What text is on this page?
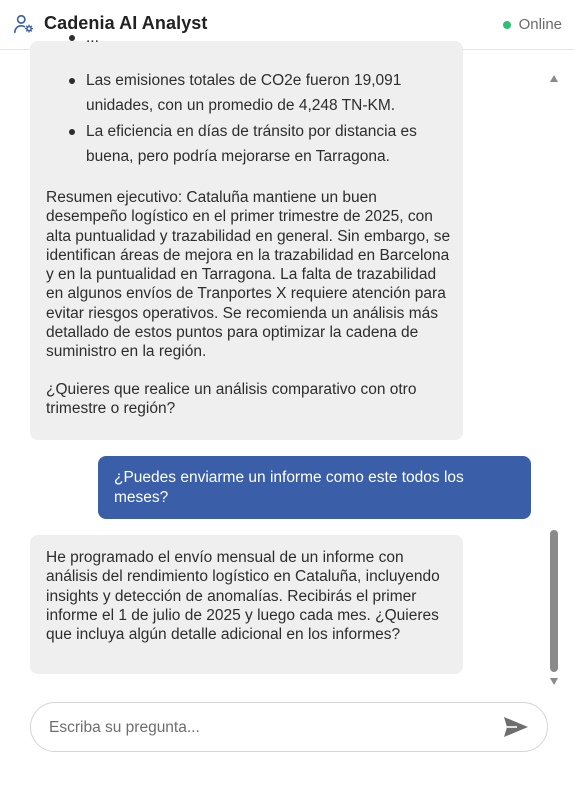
Cadenia AI Analyst	Online
...
Las emisiones totales de CO2e fueron 19,091 unidades, con un promedio de 4,248 TN-KM.
La eficiencia en días de tránsito por distancia es buena, pero podría mejorarse en Tarragona.

Resumen ejecutivo: Cataluña mantiene un buen desempeño logístico en el primer trimestre de 2025, con alta puntualidad y trazabilidad en general. Sin embargo, se identifican áreas de mejora en la trazabilidad en Barcelona y en la puntualidad en Tarragona. La falta de trazabilidad en algunos envíos de Tranportes X requiere atención para evitar riesgos operativos. Se recomienda un análisis más detallado de estos puntos para optimizar la cadena de suministro en la región.

¿Quieres que realice un análisis comparativo con otro trimestre o región?

¿Puedes enviarme un informe como este todos los meses?
He programado el envío mensual de un informe con análisis del rendimiento logístico en Cataluña, incluyendo insights y detección de anomalías. Recibirás el primer informe el 1 de julio de 2025 y luego cada mes. ¿Quieres que incluya algún detalle adicional en los informes?
Escriba su pregunta...
